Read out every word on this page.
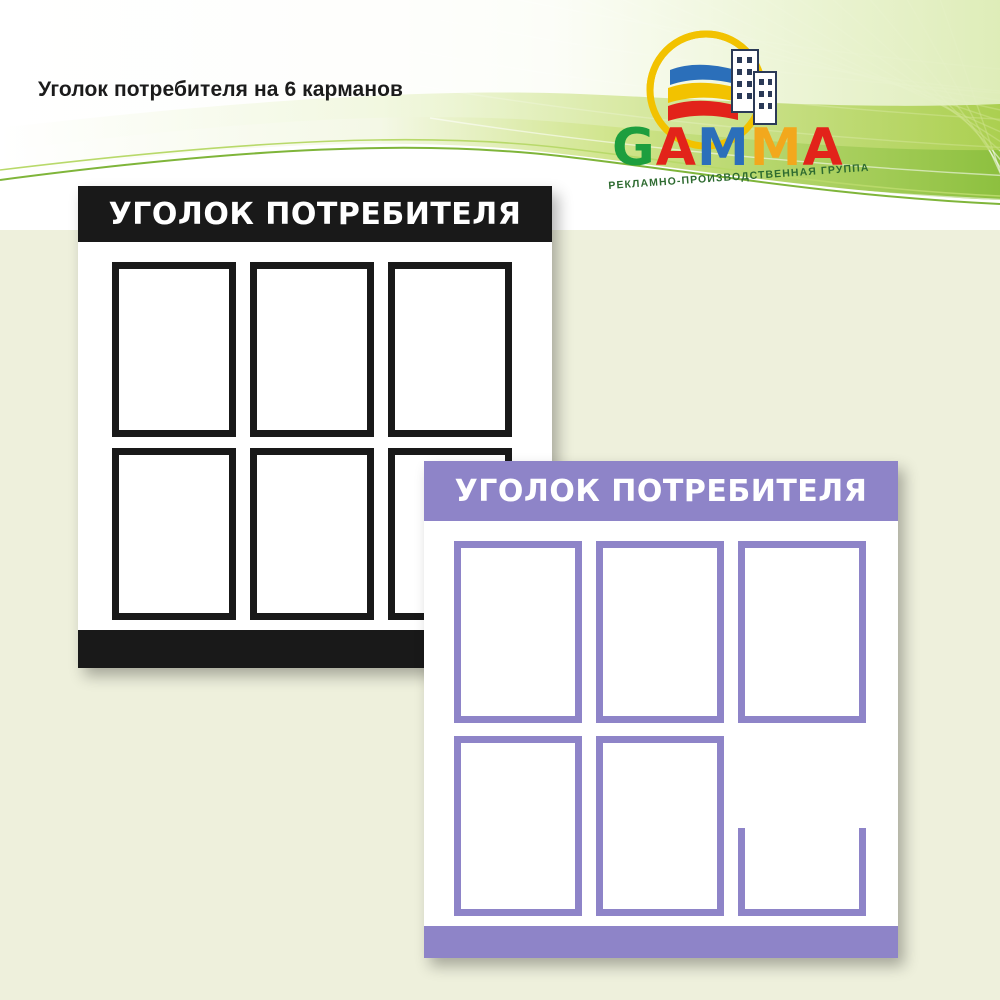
Уголок потребителя на 6 карманов
GAMMA
РЕКЛАМНО-ПРОИЗВОДСТВЕННАЯ ГРУППА
УГОЛОК ПОТРЕБИТЕЛЯ
УГОЛОК ПОТРЕБИТЕЛЯ
